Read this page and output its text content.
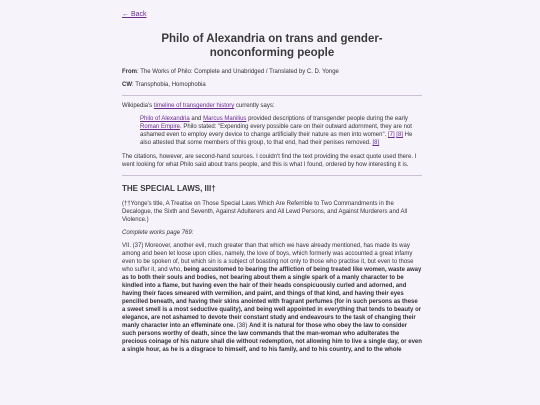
← Back
Philo of Alexandria on trans and gender-
nonconforming people

From: The Works of Philo: Complete and Unabridged / Translated by C. D. Yonge

CW: Transphobia, Homophobia

Wikipedia's timeline of transgender history currently says:

Philo of Alexandria and Marcus Manilius provided descriptions of transgender people during the early Roman Empire. Philo stated: "Expending every possible care on their outward adornment, they are not ashamed even to employ every device to change artificially their nature as men into women". [7] [8] He also attested that some members of this group, to that end, had their penises removed. [8]

The citations, however, are second-hand sources. I couldn't find the text providing the exact quote used there. I went looking for what Philo said about trans people, and this is what I found, ordered by how interesting it is.

THE SPECIAL LAWS, III†

(††Yonge's title, A Treatise on Those Special Laws Which Are Referrible to Two Commandments in the Decalogue, the Sixth and Seventh, Against Adulterers and All Lewd Persons, and Against Murderers and All Violence.)

Complete works page 769:

VII. (37) Moreover, another evil, much greater than that which we have already mentioned, has made its way among and been let loose upon cities, namely, the love of boys, which formerly was accounted a great infamy even to be spoken of, but which sin is a subject of boasting not only to those who practise it, but even to those who suffer it, and who, being accustomed to bearing the affliction of being treated like women, waste away as to both their souls and bodies, not bearing about them a single spark of a manly character to be kindled into a flame, but having even the hair of their heads conspicuously curled and adorned, and having their faces smeared with vermilion, and paint, and things of that kind, and having their eyes pencilled beneath, and having their skins anointed with fragrant perfumes (for in such persons as these a sweet smell is a most seductive quality), and being well appointed in everything that tends to beauty or elegance, are not ashamed to devote their constant study and endeavours to the task of changing their manly character into an effeminate one. (38) And it is natural for those who obey the law to consider such persons worthy of death, since the law commands that the man-woman who adulterates the precious coinage of his nature shall die without redemption, not allowing him to live a single day, or even a single hour, as he is a disgrace to himself, and to his family, and to his country, and to the whole
